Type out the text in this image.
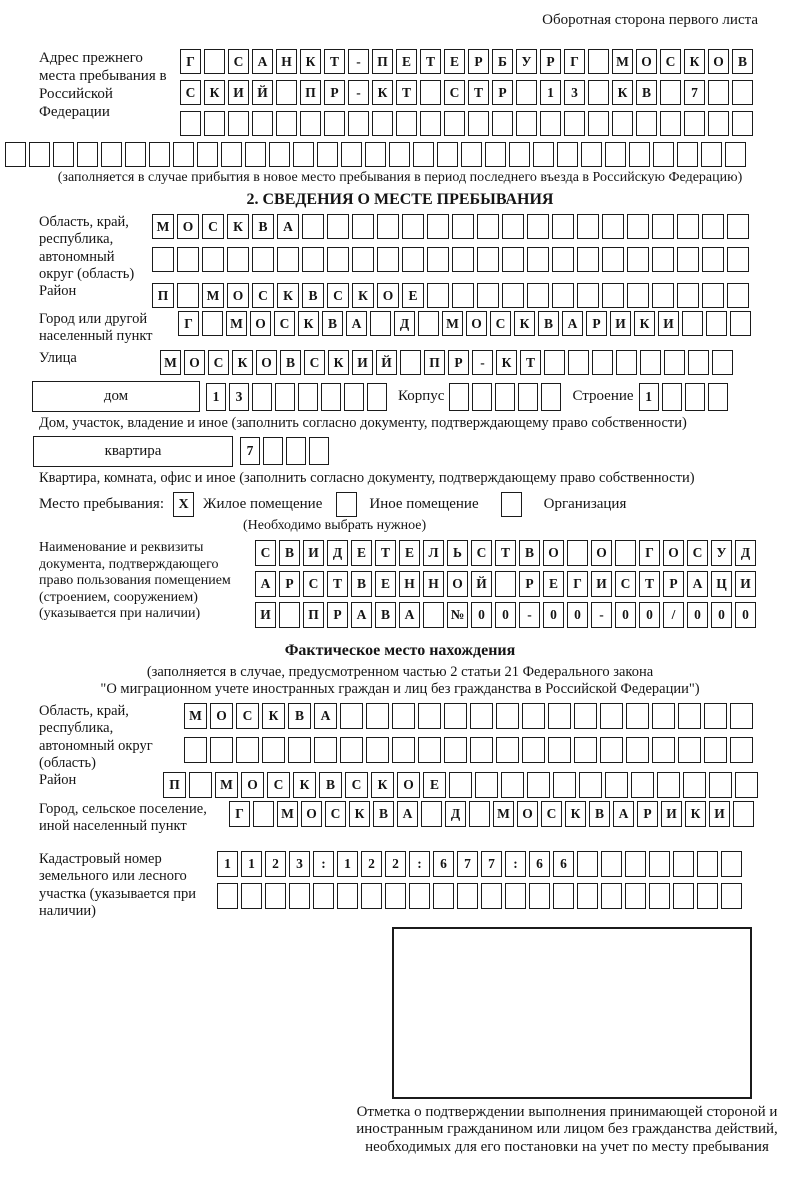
Оборотная сторона первого листа
Адрес прежнего места пребывания в Российской Федерации
Г	С	А	Н	К	Т	-	П	Е	Т	Е	Р	Б	У	Р	Г	М О	С	К	О	В
С	К	И Й	П	Р	-	К	Т	С	Т	Р	1	3	К	В	7
(заполняется в случае прибытия в новое место пребывания в период последнего въезда в Российскую Федерацию)
2. СВЕДЕНИЯ О МЕСТЕ ПРЕБЫВАНИЯ
Область, край, республика, автономный округ (область)
М О	С	К	В	А
Район	П	М О	С	К	В	С	К	О	Е
Город или другой населенный пункт
Г	М О	С	К	В	А	Д	М О	С	К	В	А	Р	И	К	И
Улица	М О	С	К	О	В	С	К	И Й	П	Р	-	К	Т
дом	1	3	Корпус	Строение 1
Дом, участок, владение и иное (заполнить согласно документу, подтверждающему право собственности)
квартира	7
Квартира, комната, офис и иное (заполнить согласно документу, подтверждающему право собственности)
Место пребывания:	X Жилое помещение	Иное помещение	Организация
(Необходимо выбрать нужное)
Наименование и реквизиты документа, подтверждающего право пользования помещением (строением, сооружением) (указывается при наличии)
С	В	И	Д	Е	Т	Е	Л	Ь	С	Т	В	О	О	Г	О	С	У	Д
А	Р	С	Т	В	Е	Н Н О Й	Р	Е	Г	И	С	Т	Р	А	Ц И
И	П	Р	А	В	А	№	0	0	-	0	0	-	0	0	/	0	0	0
Фактическое место нахождения
(заполняется в случае, предусмотренном частью 2 статьи 21 Федерального закона
"О миграционном учете иностранных граждан и лиц без гражданства в Российской Федерации")
Область, край, республика, автономный округ (область)
М	О	С	К	В	А
Район	П	М	О	С	К	В	С	К	О	Е
Город, сельское поселение, иной населенный пункт
Г	М О	С	К	В	А	Д	М О	С	К	В	А	Р	И	К	И
Кадастровый номер земельного или лесного участка (указывается при наличии)
1	1	2	3	:	1	2	2	:	6	7	7	:	6	6
Отметка о подтверждении выполнения принимающей стороной и иностранным гражданином или лицом без гражданства действий, необходимых для его постановки на учет по месту пребывания
